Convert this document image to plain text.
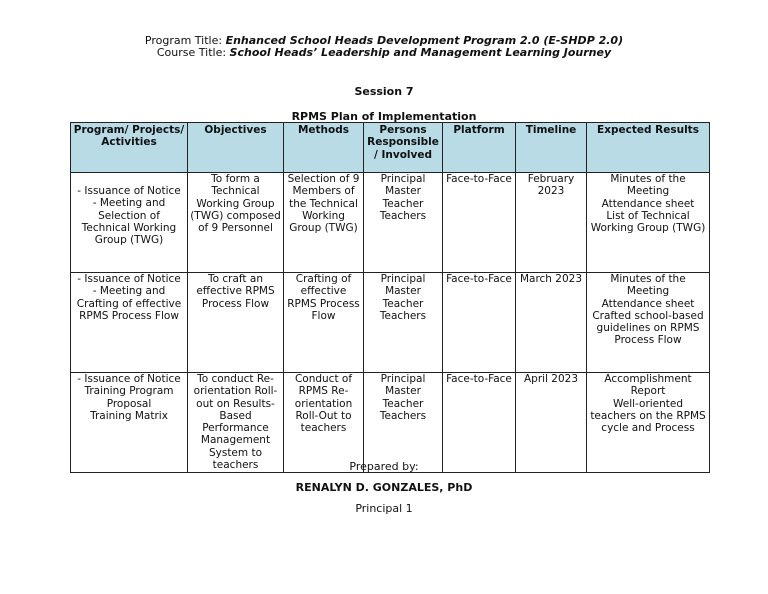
Program Title: Enhanced School Heads Development Program 2.0 (E-SHDP 2.0)
Course Title: School Heads’ Leadership and Management Learning Journey
Session 7
RPMS Plan of Implementation
Program/ Projects/ Activities	Objectives	Methods	Persons Responsible/ Involved	Platform	Timeline	Expected Results

- Issuance of Notice
- Meeting and Selection of Technical Working Group (TWG)	To form a Technical Working Group (TWG) composed of 9 Personnel	Selection of 9 Members of the Technical Working Group (TWG)	Principal
Master Teacher
Teachers	Face-to-Face	February 2023	Minutes of the Meeting
Attendance sheet
List of Technical Working Group (TWG)

- Issuance of Notice
- Meeting and Crafting of effective RPMS Process Flow	To craft an effective RPMS Process Flow	Crafting of effective RPMS Process Flow	Principal
Master Teacher
Teachers	Face-to-Face	March 2023	Minutes of the Meeting
Attendance sheet
Crafted school-based guidelines on RPMS Process Flow

- Issuance of Notice
Training Program Proposal
Training Matrix	To conduct Re-orientation Roll-out on Results-Based Performance Management System to teachers	Conduct of RPMS Re-orientation Roll-Out to teachers	Principal
Master Teacher
Teachers	Face-to-Face	April 2023	Accomplishment Report
Well-oriented teachers on the RPMS cycle and Process
Prepared by:
RENALYN D. GONZALES, PhD
Principal 1
